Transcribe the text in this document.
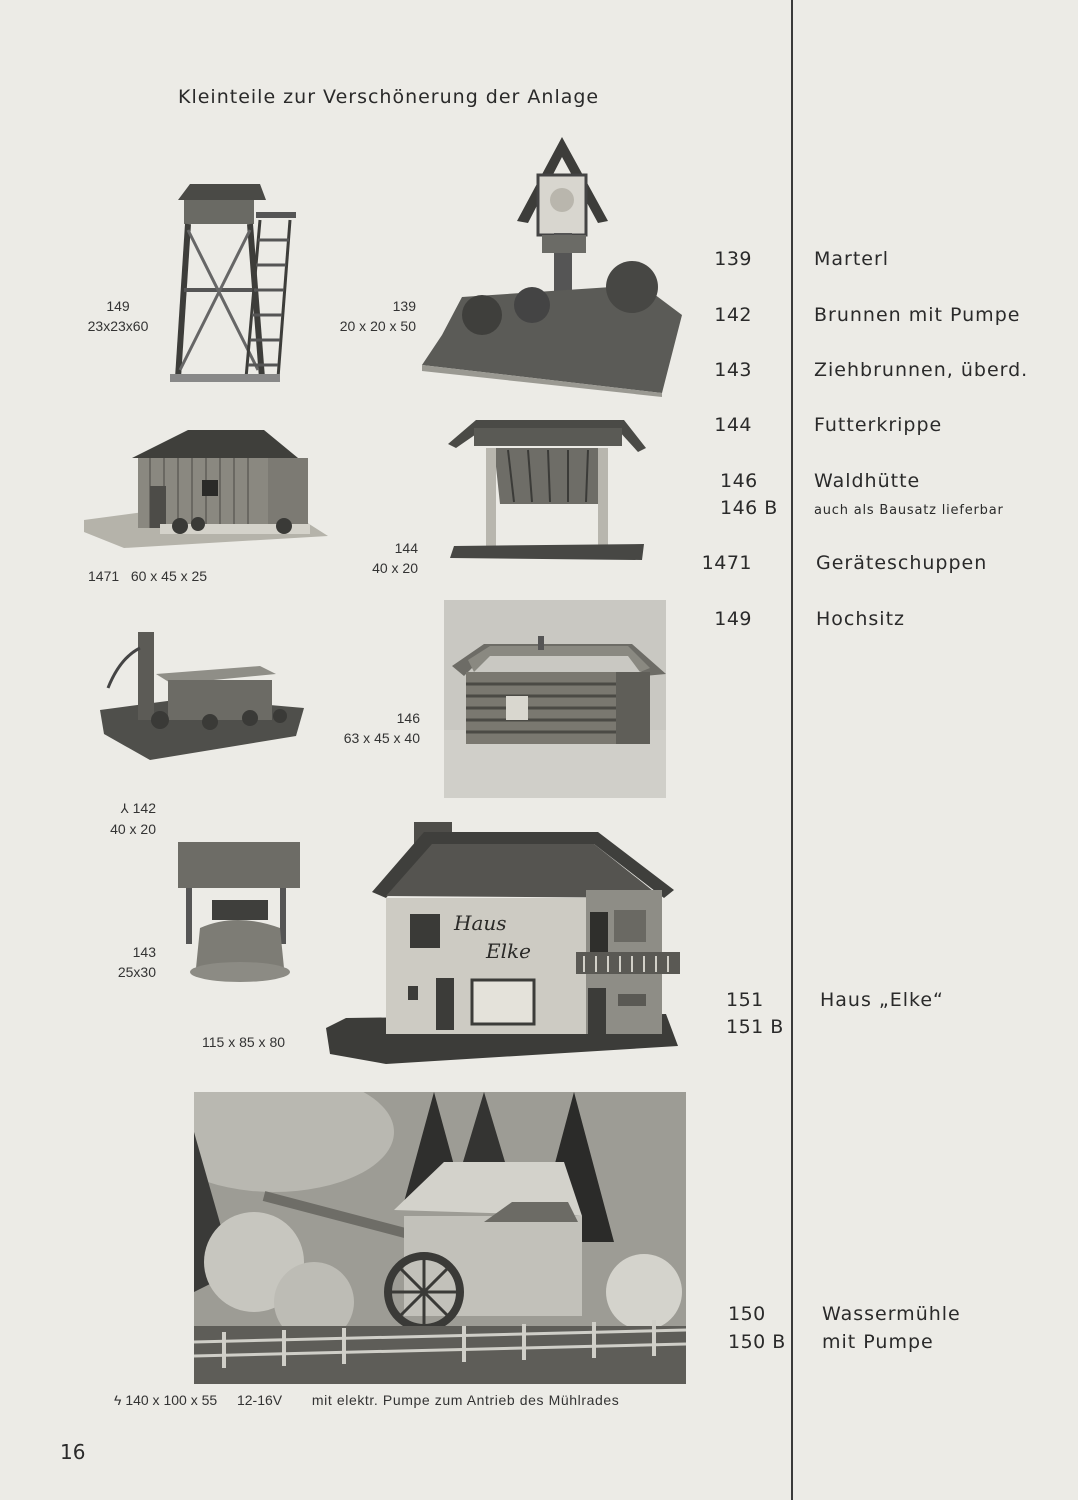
Kleinteile zur Verschönerung der Anlage
Haus
Elke
149
23x23x60
139
20 x 20 x 50
1471   60 x 45 x 25
144
40 x 20
146
63 x 45 x 40
⅄ 142
40 x 20
143
25x30
115 x 85 x 80
ϟ 140 x 100 x 55 12-16V mit elektr. Pumpe zum Antrieb des Mühlrades
139	Marterl
142	Brunnen mit Pumpe
143	Ziehbrunnen, überd.
144	Futterkrippe
146	Waldhütte
146 B	auch als Bausatz lieferbar
1471	Geräteschuppen
149	Hochsitz
151	Haus „Elke“
151 B
150	Wassermühle
150 B mit Pumpe
16
